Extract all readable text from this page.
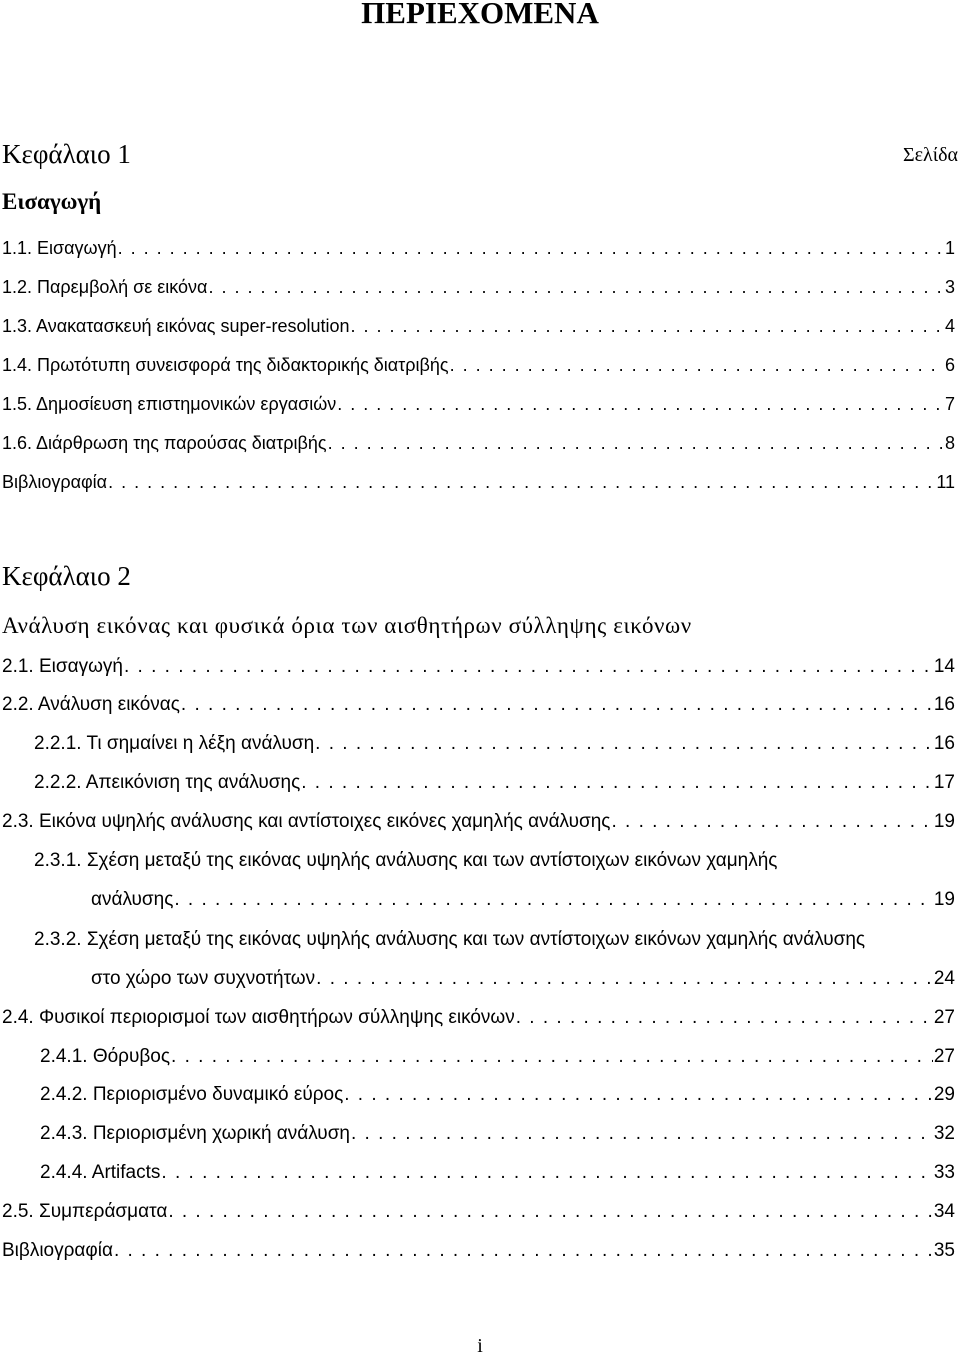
ΠΕΡΙΕΧΟΜΕΝΑ
Κεφάλαιο 1	Σελίδα
Εισαγωγή
1.1. Εισαγωγή . . .	1
1.2. Παρεμβολή σε εικόνα . . .	3
1.3. Ανακατασκευή εικόνας super-resolution . . .	4
1.4. Πρωτότυπη συνεισφορά της διδακτορικής διατριβής . . .	6
1.5. Δημοσίευση επιστημονικών εργασιών . . .	7
1.6. Διάρθρωση της παρούσας διατριβής . . .	8
Βιβλιογραφία . . .	11
Κεφάλαιο 2
Ανάλυση εικόνας και φυσικά όρια των αισθητήρων σύλληψης εικόνων
2.1. Εισαγωγή . . .	14
2.2. Ανάλυση εικόνας . . .	16
2.2.1. Τι σημαίνει η λέξη ανάλυση . . .	16
2.2.2. Απεικόνιση της ανάλυσης . . .	17
2.3. Εικόνα υψηλής ανάλυσης και αντίστοιχες εικόνες χαμηλής ανάλυσης . . .	19
2.3.1. Σχέση μεταξύ της εικόνας υψηλής ανάλυσης και των αντίστοιχων εικόνων χαμηλής
ανάλυσης . . .	19
2.3.2. Σχέση μεταξύ της εικόνας υψηλής ανάλυσης και των αντίστοιχων εικόνων χαμηλής ανάλυσης
στο χώρο των συχνοτήτων . . .	24
2.4. Φυσικοί περιορισμοί των αισθητήρων σύλληψης εικόνων . . .	27
2.4.1. Θόρυβος . . .	27
2.4.2. Περιορισμένο δυναμικό εύρος . . .	29
2.4.3. Περιορισμένη χωρική ανάλυση . . .	32
2.4.4. Artifacts . . .	33
2.5. Συμπεράσματα . . .	34
Βιβλιογραφία . . .	35
i
